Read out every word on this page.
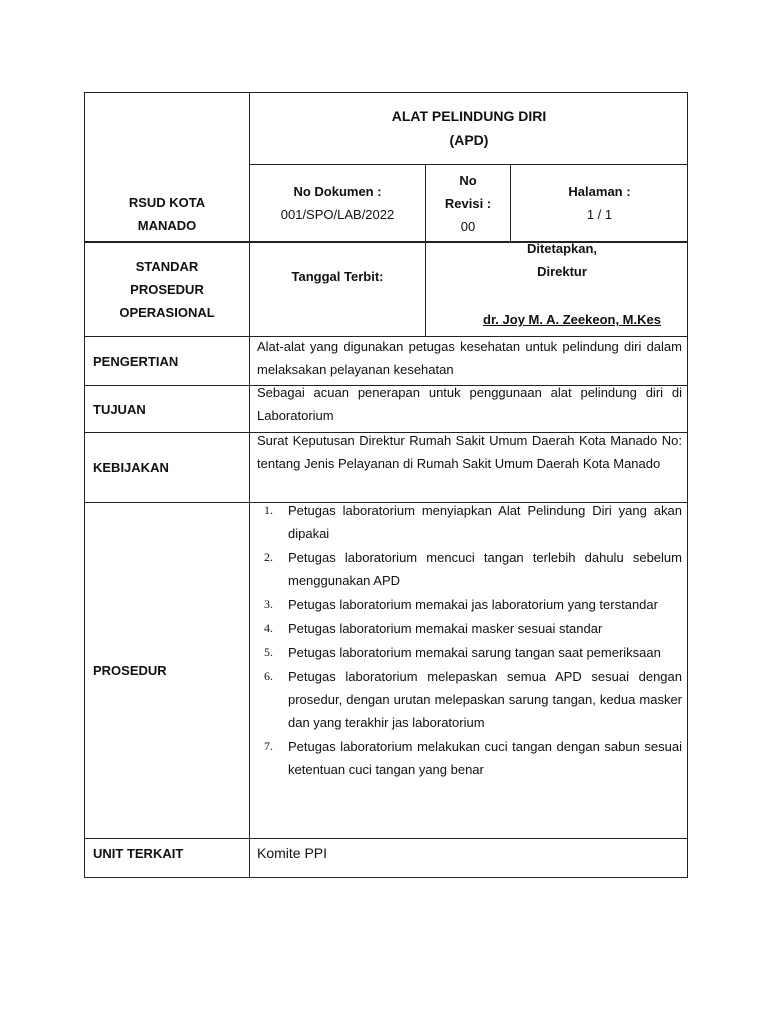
RSUD KOTA MANADO
ALAT PELINDUNG DIRI
(APD)
No Dokumen :
001/SPO/LAB/2022
No
Revisi :
00
Halaman :
1 / 1
STANDAR
PROSEDUR
OPERASIONAL
Tanggal Terbit:
Ditetapkan,
Direktur
dr. Joy M. A. Zeekeon, M.Kes
PENGERTIAN
Alat-alat yang digunakan petugas kesehatan untuk pelindung diri dalam melaksakan pelayanan kesehatan
TUJUAN
Sebagai acuan penerapan untuk penggunaan alat pelindung diri di Laboratorium
KEBIJAKAN
Surat Keputusan Direktur Rumah Sakit Umum Daerah Kota Manado No: tentang Jenis Pelayanan di Rumah Sakit Umum Daerah Kota Manado
PROSEDUR
1. Petugas laboratorium menyiapkan Alat Pelindung Diri yang akan dipakai
2. Petugas laboratorium mencuci tangan terlebih dahulu sebelum menggunakan APD
3. Petugas laboratorium memakai jas laboratorium yang terstandar
4. Petugas laboratorium memakai masker sesuai standar
5. Petugas laboratorium memakai sarung tangan saat pemeriksaan
6. Petugas laboratorium melepaskan semua APD sesuai dengan prosedur, dengan urutan melepaskan sarung tangan, kedua masker dan yang terakhir jas laboratorium
7. Petugas laboratorium melakukan cuci tangan dengan sabun sesuai ketentuan cuci tangan yang benar
UNIT TERKAIT	Komite PPI
